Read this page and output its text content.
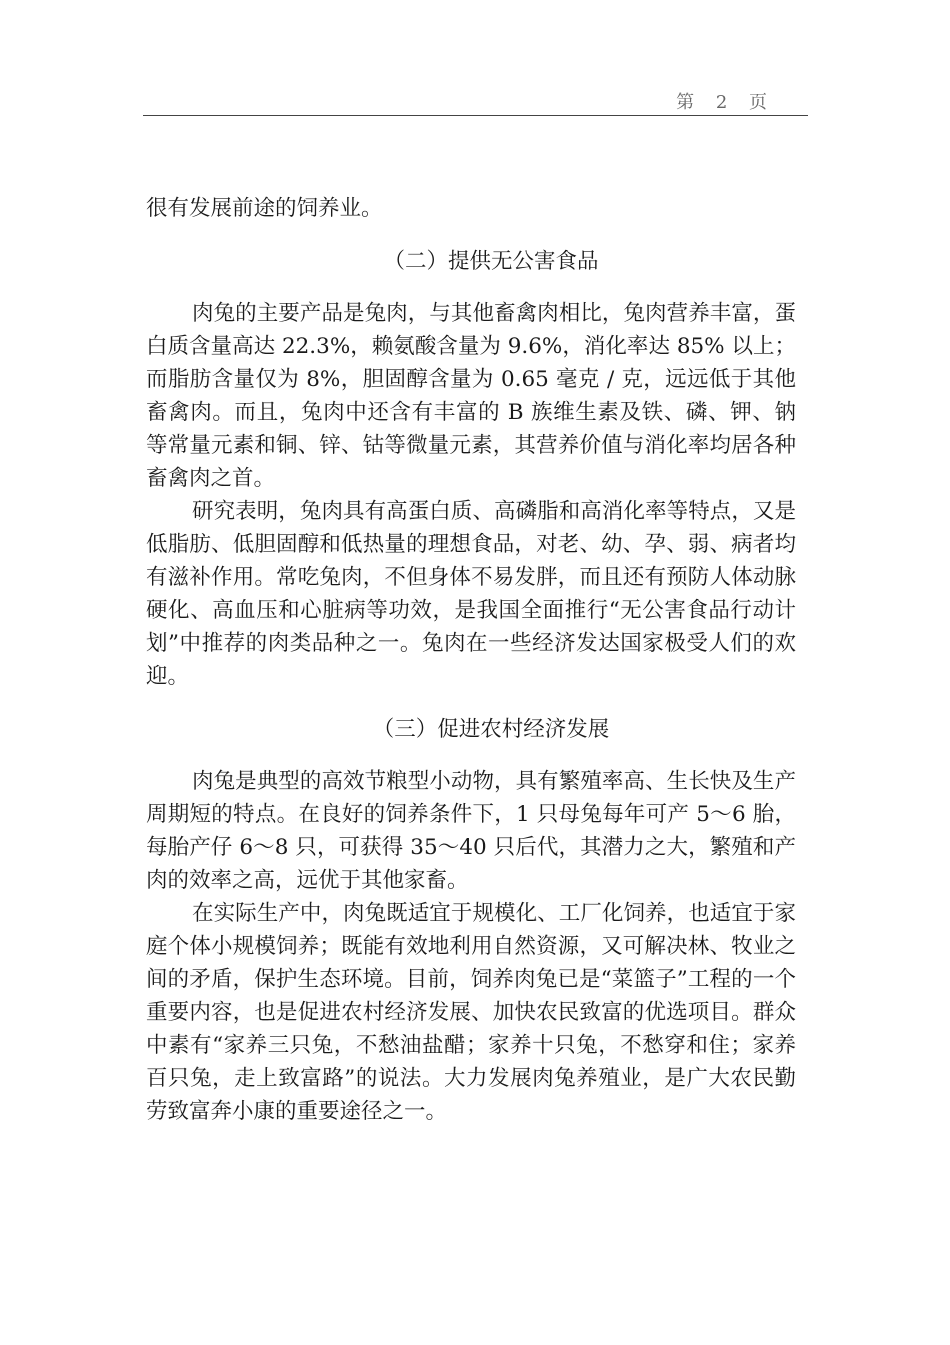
第 2 页

很有发展前途的饲养业。

（二）提供无公害食品

肉兔的主要产品是兔肉，与其他畜禽肉相比，兔肉营养丰富，蛋白质含量高达 22.3%，赖氨酸含量为 9.6%，消化率达 85% 以上；而脂肪含量仅为 8%，胆固醇含量为 0.65 毫克 / 克，远远低于其他畜禽肉。而且，兔肉中还含有丰富的 B 族维生素及铁、磷、钾、钠等常量元素和铜、锌、钴等微量元素，其营养价值与消化率均居各种畜禽肉之首。

研究表明，兔肉具有高蛋白质、高磷脂和高消化率等特点，又是低脂肪、低胆固醇和低热量的理想食品，对老、幼、孕、弱、病者均有滋补作用。常吃兔肉，不但身体不易发胖，而且还有预防人体动脉硬化、高血压和心脏病等功效，是我国全面推行“无公害食品行动计划”中推荐的肉类品种之一。兔肉在一些经济发达国家极受人们的欢迎。

（三）促进农村经济发展

肉兔是典型的高效节粮型小动物，具有繁殖率高、生长快及生产周期短的特点。在良好的饲养条件下，1 只母兔每年可产 5～6 胎，每胎产仔 6～8 只，可获得 35～40 只后代，其潜力之大，繁殖和产肉的效率之高，远优于其他家畜。

在实际生产中，肉兔既适宜于规模化、工厂化饲养，也适宜于家庭个体小规模饲养；既能有效地利用自然资源，又可解决林、牧业之间的矛盾，保护生态环境。目前，饲养肉兔已是“菜篮子”工程的一个重要内容，也是促进农村经济发展、加快农民致富的优选项目。群众中素有“家养三只兔，不愁油盐醋；家养十只兔，不愁穿和住；家养百只兔，走上致富路”的说法。大力发展肉兔养殖业，是广大农民勤劳致富奔小康的重要途径之一。
